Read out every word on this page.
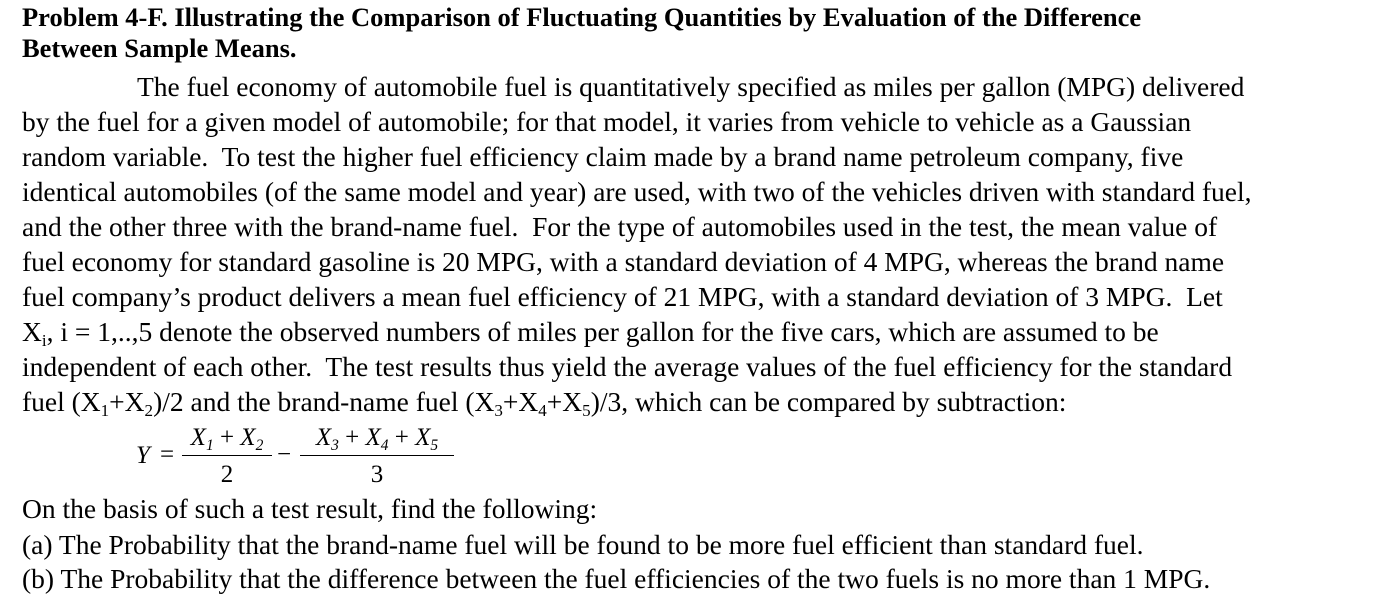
Problem 4-F. Illustrating the Comparison of Fluctuating Quantities by Evaluation of the Difference
Between Sample Means.
The fuel economy of automobile fuel is quantitatively specified as miles per gallon (MPG) delivered
by the fuel for a given model of automobile; for that model, it varies from vehicle to vehicle as a Gaussian
random variable.  To test the higher fuel efficiency claim made by a brand name petroleum company, five
identical automobiles (of the same model and year) are used, with two of the vehicles driven with standard fuel,
and the other three with the brand-name fuel.  For the type of automobiles used in the test, the mean value of
fuel economy for standard gasoline is 20 MPG, with a standard deviation of 4 MPG, whereas the brand name
fuel company’s product delivers a mean fuel efficiency of 21 MPG, with a standard deviation of 3 MPG.  Let
$X_i$, i = 1,..,5 denote the observed numbers of miles per gallon for the five cars, which are assumed to be
independent of each other.  The test results thus yield the average values of the fuel efficiency for the standard
fuel $(X_1+X_2)/2$ and the brand-name fuel $(X_3+X_4+X_5)/3$, which can be compared by subtraction:
Y =
$X_1 + X_2$
2
−
$X_3 + X_4 + X_5$
3
On the basis of such a test result, find the following:
(a) The Probability that the brand-name fuel will be found to be more fuel efficient than standard fuel.
(b) The Probability that the difference between the fuel efficiencies of the two fuels is no more than 1 MPG.
